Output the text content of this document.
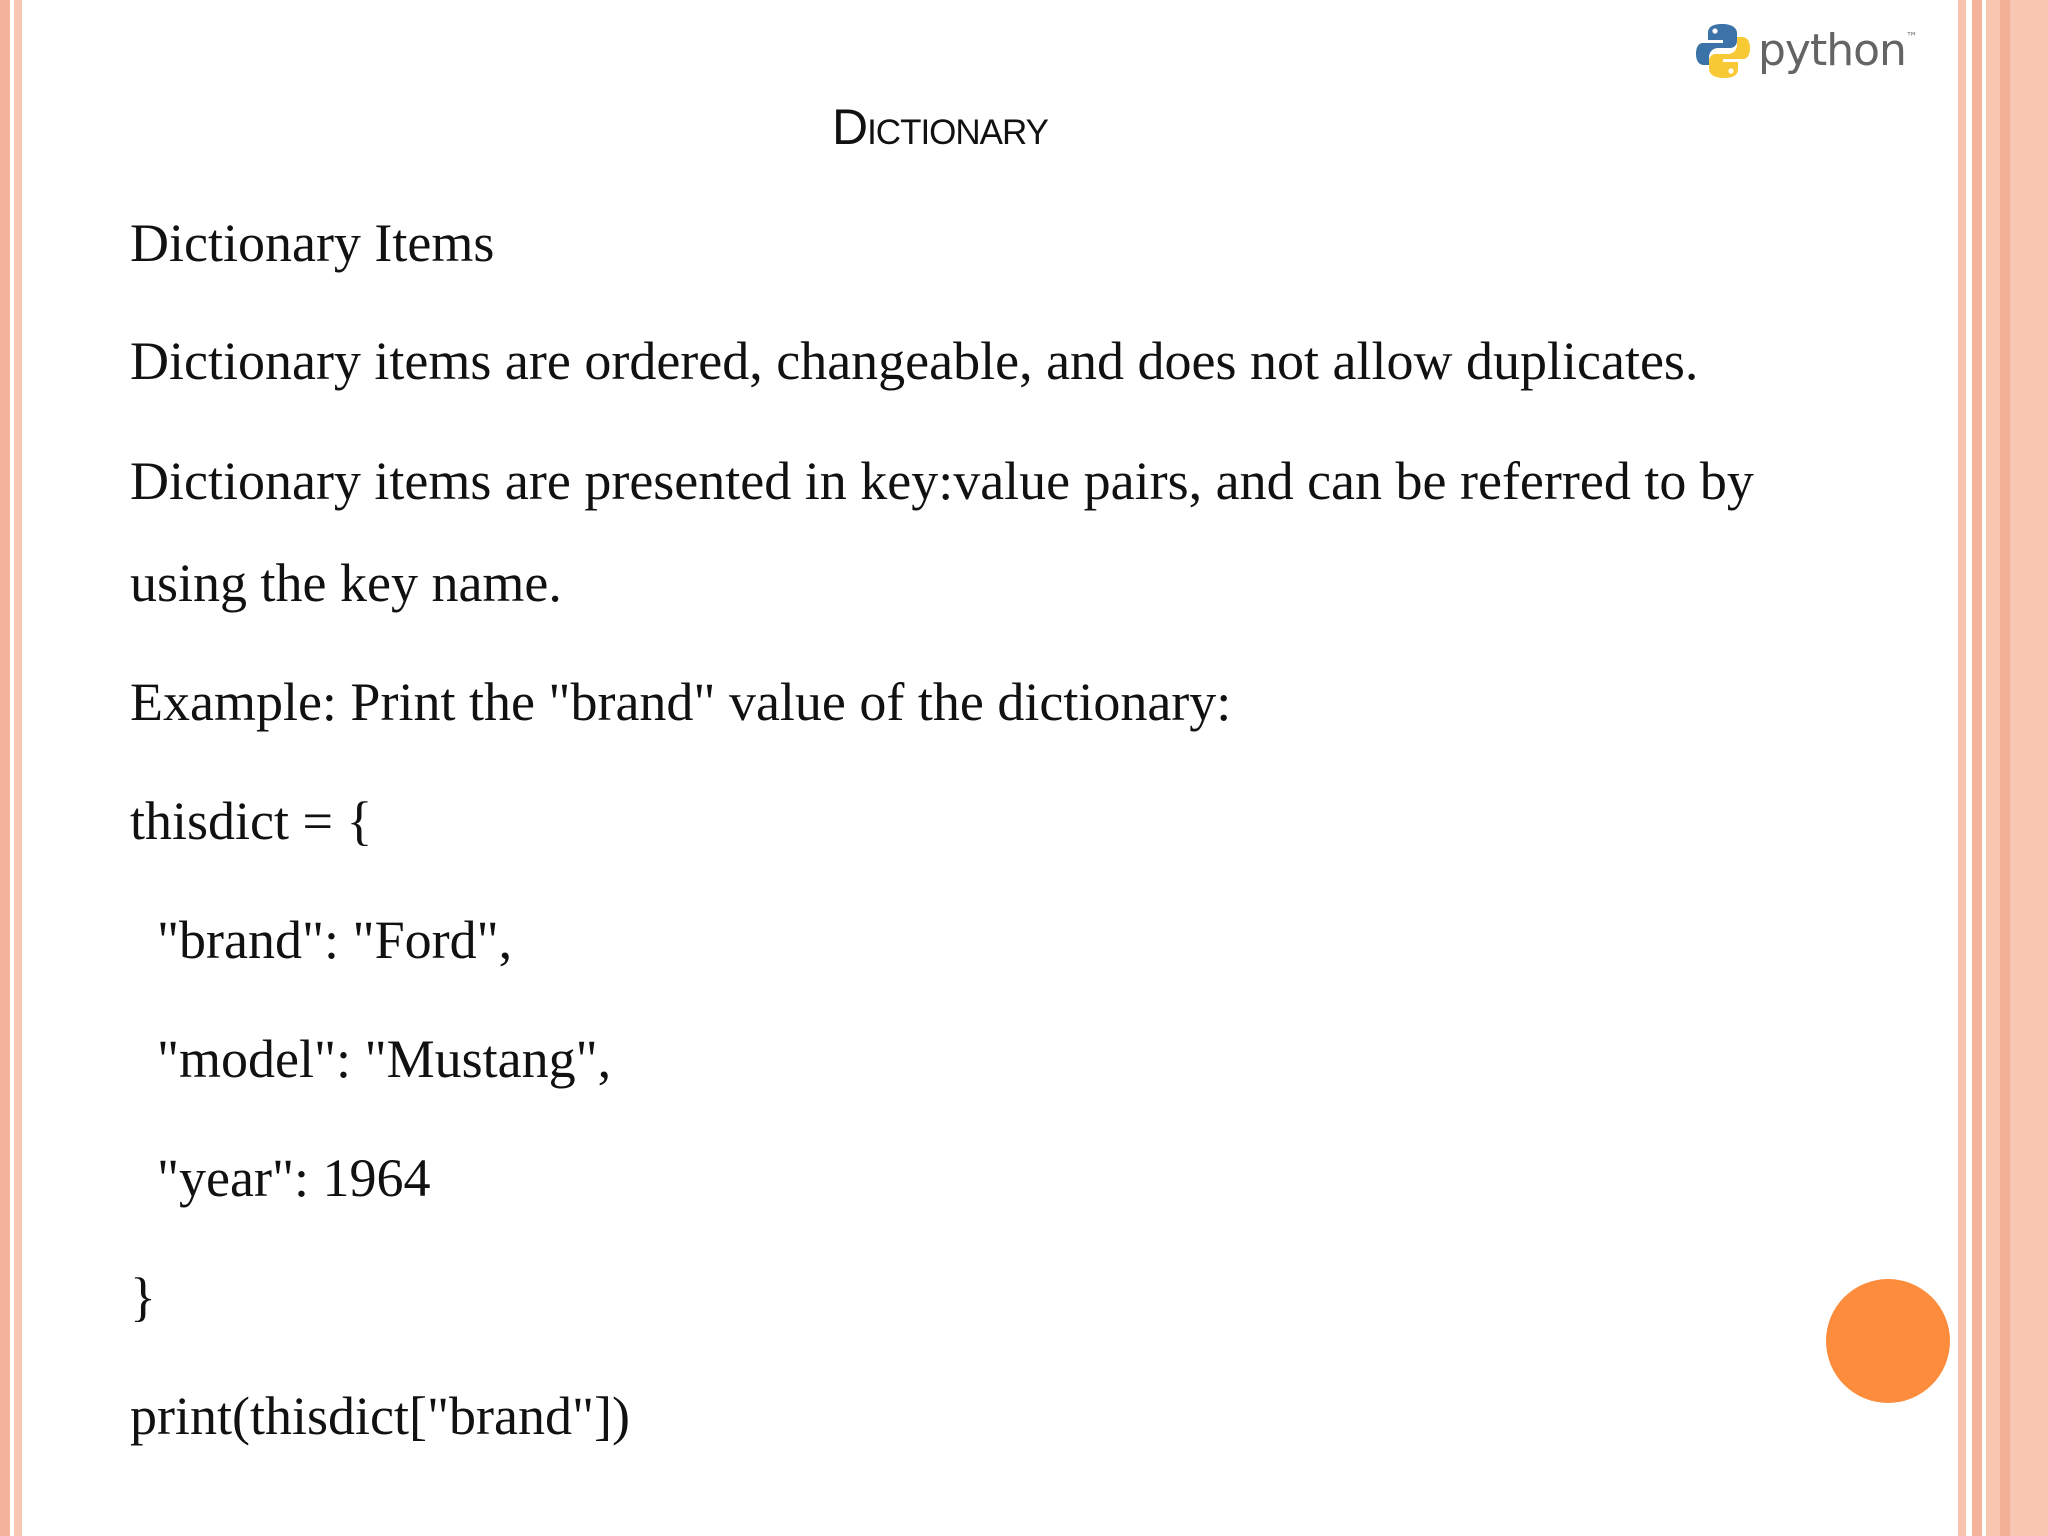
python ™
Dictionary
Dictionary Items
Dictionary items are ordered, changeable, and does not allow duplicates.
Dictionary items are presented in key:value pairs, and can be referred to by
using the key name.
Example: Print the "brand" value of the dictionary:
thisdict = {
"brand": "Ford",
"model": "Mustang",
"year": 1964
}
print(thisdict["brand"])
